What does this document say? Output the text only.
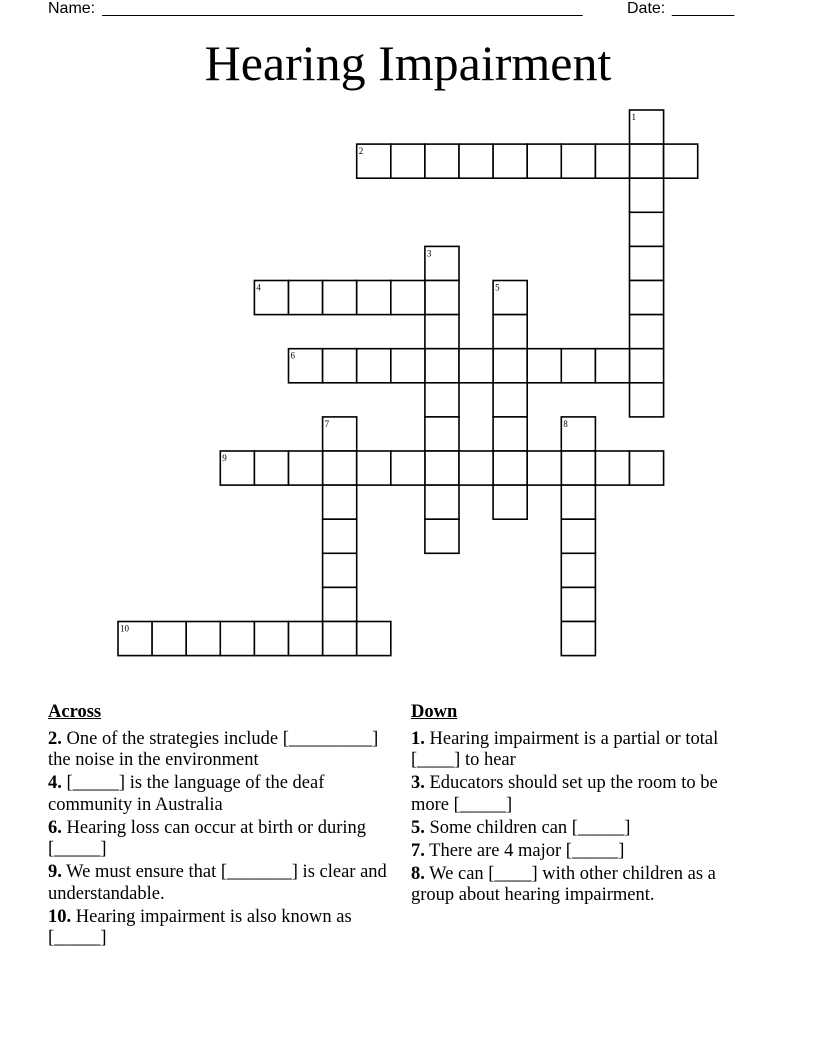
Name: ______________________________________________________	Date: _______
Hearing Impairment
1
2
3
4	5
6
7	8
9
10
Across
2. One of the strategies include [_________] the noise in the environment
4. [_____] is the language of the deaf community in Australia
6. Hearing loss can occur at birth or during [_____]
9. We must ensure that [_______] is clear and understandable.
10. Hearing impairment is also known as [_____]
Down
1. Hearing impairment is a partial or total [____] to hear
3. Educators should set up the room to be more [_____]
5. Some children can [_____]
7. There are 4 major [_____]
8. We can [____] with other children as a group about hearing impairment.
